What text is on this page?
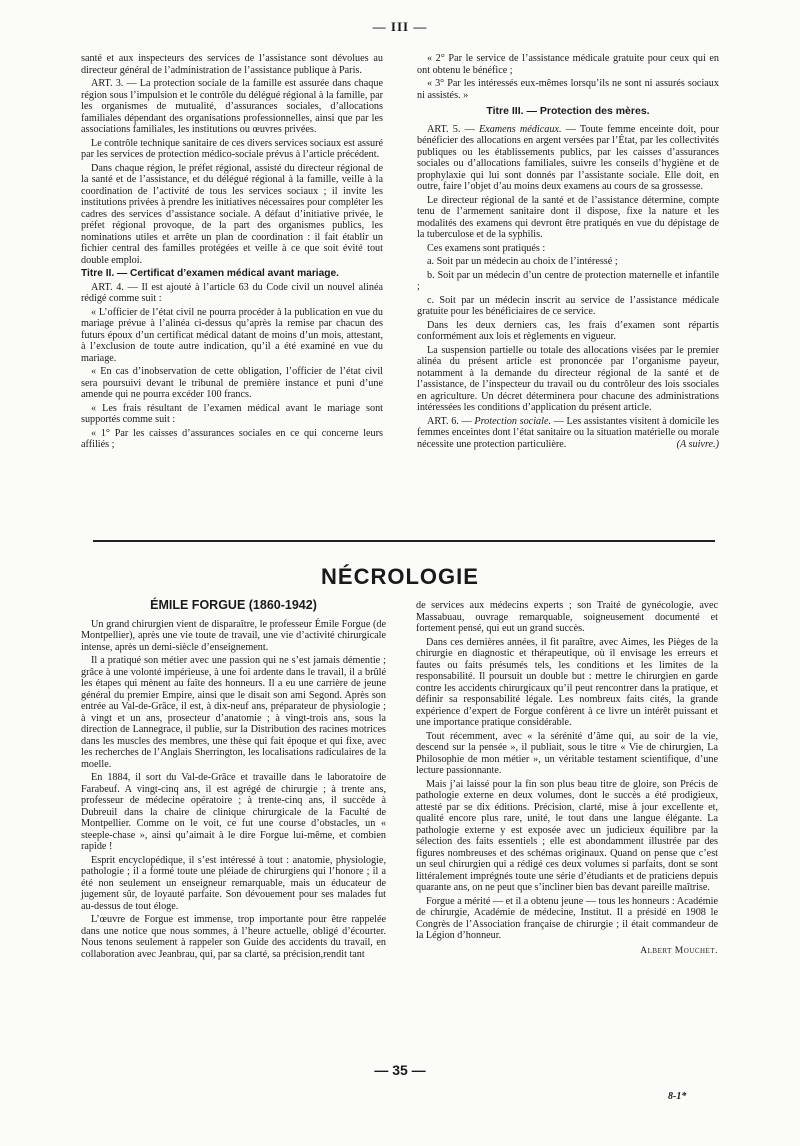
— III —

santé et aux inspecteurs des services de l’assistance sont dévolues au directeur général de l’administration de l’assistance publique à Paris.

ART. 3. — La protection sociale de la famille est assurée dans chaque région sous l’impulsion et le contrôle du délégué régional à la famille, par les organismes de mutualité, d’assurances sociales, d’allocations familiales dépendant des organisations professionnelles, ainsi que par les associations familiales, les institutions ou œuvres privées.

Le contrôle technique sanitaire de ces divers services sociaux est assuré par les services de protection médico-sociale prévus à l’article précédent.

Dans chaque région, le préfet régional, assisté du directeur régional de la santé et de l’assistance, et du délégué régional à la famille, veille à la coordination de l’activité de tous les services sociaux ; il invite les institutions privées à prendre les initiatives nécessaires pour compléter les cadres des services d’assistance sociale. A défaut d’initiative privée, le préfet régional provoque, de la part des organismes publics, les nominations utiles et arrête un plan de coordination : il fait établir un fichier central des familles protégées et veille à ce que soit évité tout double emploi.

Titre II. — Certificat d’examen médical avant mariage.

ART. 4. — Il est ajouté à l’article 63 du Code civil un nouvel alinéa rédigé comme suit :

« L’officier de l’état civil ne pourra procéder à la publication en vue du mariage prévue à l’alinéa ci-dessus qu’après la remise par chacun des futurs époux d’un certificat médical datant de moins d’un mois, attestant, à l’exclusion de toute autre indication, qu’il a été examiné en vue du mariage.

« En cas d’inobservation de cette obligation, l’officier de l’état civil sera poursuivi devant le tribunal de première instance et puni d’une amende qui ne pourra excéder 100 francs.

« Les frais résultant de l’examen médical avant le mariage sont supportés comme suit :

« 1° Par les caisses d’assurances sociales en ce qui concerne leurs affiliés ;

« 2° Par le service de l’assistance médicale gratuite pour ceux qui en ont obtenu le bénéfice ;

« 3° Par les intéressés eux-mêmes lorsqu’ils ne sont ni assurés sociaux ni assistés. »

Titre III. — Protection des mères.

ART. 5. — Examens médicaux. — Toute femme enceinte doit, pour bénéficier des allocations en argent versées par l’État, par les collectivités publiques ou les établissements publics, par les caisses d’assurances sociales ou d’allocations familiales, suivre les conseils d’hygiène et de prophylaxie qui lui sont donnés par l’assistante sociale. Elle doit, en outre, faire l’objet d’au moins deux examens au cours de sa grossesse.

Le directeur régional de la santé et de l’assistance détermine, compte tenu de l’armement sanitaire dont il dispose, fixe la nature et les modalités des examens qui devront être pratiqués en vue du dépistage de la tuberculose et de la syphilis.

Ces examens sont pratiqués :

a. Soit par un médecin au choix de l’intéressé ;

b. Soit par un médecin d’un centre de protection maternelle et infantile ;

c. Soit par un médecin inscrit au service de l’assistance médicale gratuite pour les bénéficiaires de ce service.

Dans les deux derniers cas, les frais d’examen sont répartis conformément aux lois et règlements en vigueur.

La suspension partielle ou totale des allocations visées par le premier alinéa du présent article est prononcée par l’organisme payeur, notamment à la demande du directeur régional de la santé et de l’assistance, de l’inspecteur du travail ou du contrôleur des lois ssociales en agriculture. Un décret déterminera pour chacune des administrations intéressées les conditions d’application du présent article.

ART. 6. — Protection sociale. — Les assistantes visitent à domicile les femmes enceintes dont l’état sanitaire ou la situation matérielle ou morale nécessite une protection particulière.	(A suivre.)

NÉCROLOGIE
ÉMILE FORGUE (1860-1942)

Un grand chirurgien vient de disparaître, le professeur Émile Forgue (de Montpellier), après une vie toute de travail, une vie d’activité chirurgicale intense, après un demi-siècle d’enseignement.

Il a pratiqué son métier avec une passion qui ne s’est jamais démentie ; grâce à une volonté impérieuse, à une foi ardente dans le travail, il a brûlé les étapes qui mènent au faîte des honneurs. Il a eu une carrière de jeune général du premier Empire, ainsi que le disait son ami Segond. Après son entrée au Val-de-Grâce, il est, à dix-neuf ans, préparateur de physiologie ; à vingt et un ans, prosecteur d’anatomie ; à vingt-trois ans, sous la direction de Lannegrace, il publie, sur la Distribution des racines motrices dans les muscles des membres, une thèse qui fait époque et qui fixe, avec les recherches de l’Anglais Sherrington, les localisations radiculaires de la moelle.

En 1884, il sort du Val-de-Grâce et travaille dans le laboratoire de Farabeuf. A vingt-cinq ans, il est agrégé de chirurgie ; à trente ans, professeur de médecine opératoire ; à trente-cinq ans, il succède à Dubreuil dans la chaire de clinique chirurgicale de la Faculté de Montpellier. Comme on le voit, ce fut une course d’obstacles, un « steeple-chase », ainsi qu’aimait à le dire Forgue lui-même, et combien rapide !

Esprit encyclopédique, il s’est intéressé à tout : anatomie, physiologie, pathologie ; il a formé toute une pléiade de chirurgiens qui l’honore ; il a été non seulement un enseigneur remarquable, mais un éducateur de jugement sûr, de loyauté parfaite. Son dévouement pour ses malades fut au-dessus de tout éloge.

L’œuvre de Forgue est immense, trop importante pour être rappelée dans une notice que nous sommes, à l’heure actuelle, obligé d’écourter. Nous tenons seulement à rappeler son Guide des accidents du travail, en collaboration avec Jeanbrau, qui, par sa clarté, sa précision,rendit tant

de services aux médecins experts ; son Traité de gynécologie, avec Massabuau, ouvrage remarquable, soigneusement documenté et fortement pensé, qui eut un grand succès.

Dans ces dernières années, il fit paraître, avec Aimes, les Pièges de la chirurgie en diagnostic et thérapeutique, où il envisage les erreurs et fautes ou faits présumés tels, les conditions et les limites de la responsabilité. Il poursuit un double but : mettre le chirurgien en garde contre les accidents chirurgicaux qu’il peut rencontrer dans la pratique, et définir sa responsabilité légale. Les nombreux faits cités, la grande expérience d’expert de Forgue confèrent à ce livre un intérêt puissant et une importance pratique considérable.

Tout récemment, avec « la sérénité d’âme qui, au soir de la vie, descend sur la pensée », il publiait, sous le titre « Vie de chirurgien, La Philosophie de mon métier », un véritable testament scientifique, d’une lecture passionnante.

Mais j’ai laissé pour la fin son plus beau titre de gloire, son Précis de pathologie externe en deux volumes, dont le succès a été prodigieux, attesté par se dix éditions. Précision, clarté, mise à jour excellente et, qualité encore plus rare, unité, le tout dans une langue élégante. La pathologie externe y est exposée avec un judicieux équilibre par la sélection des faits essentiels ; elle est abondamment illustrée par des figures nombreuses et des schémas originaux. Quand on pense que c’est un seul chirurgien qui a rédigé ces deux volumes si parfaits, dont se sont littéralement imprégnés toute une série d’étudiants et de praticiens depuis quarante ans, on ne peut que s’incliner bien bas devant pareille maîtrise.

Forgue a mérité — et il a obtenu jeune — tous les honneurs : Académie de chirurgie, Académie de médecine, Institut. Il a présidé en 1908 le Congrès de l’Association française de chirurgie ; il était commandeur de la Légion d’honneur.

Albert Mouchet.
— 35 —
8-1*
